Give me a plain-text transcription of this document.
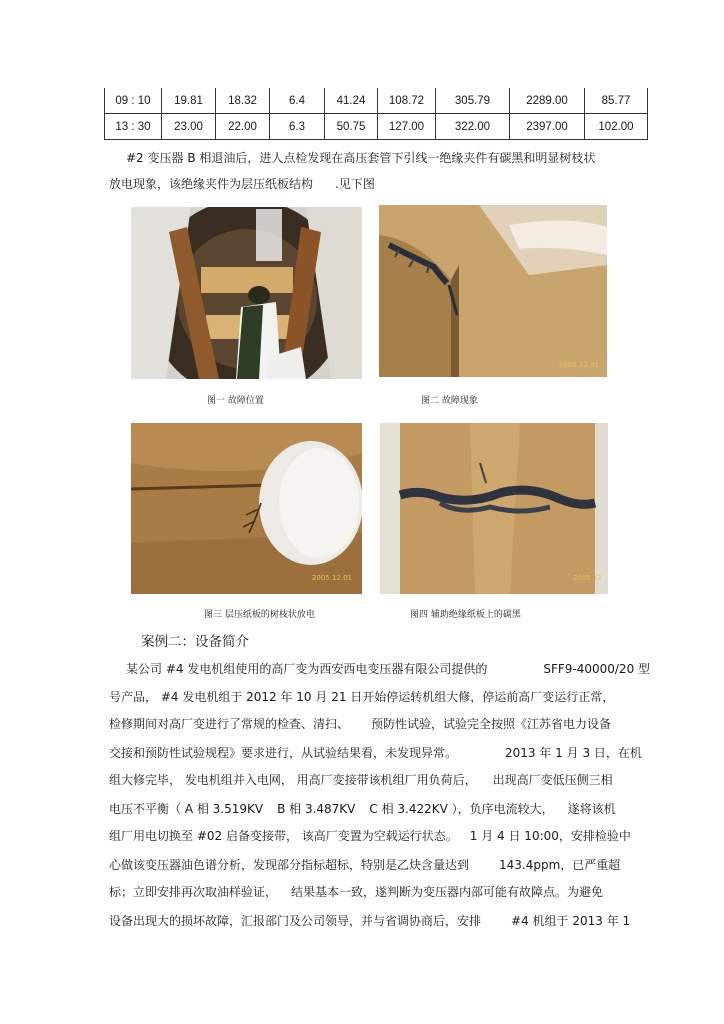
09 : 10	19.81	18.32	6.4	41.24	108.72	305.79	2289.00	85.77
13 : 30	23.00	22.00	6.3	50.75	127.00	322.00	2397.00	102.00
#2 变压器 B 相退油后，进人点检发现在高压套管下引线一绝缘夹件有碳黑和明显树枝状
放电现象，该绝缘夹件为层压纸板结构 .见下图
2005.12.01
图一 故障位置	图二 故障现象
2005.12.01	2005.12
图三 层压纸板的树枝状放电	图四 辅助绝缘纸板上的碳黑
案例二：设备简介
某公司 #4 发电机组使用的高厂变为西安西电变压器有限公司提供的	SFF9-40000/20 型
号产品， #4 发电机组于 2012 年 10 月 21 日开始停运转机组大修，停运前高厂变运行正常，
检修期间对高厂变进行了常规的检查、清扫、 预防性试验，试验完全按照《江苏省电力设备
交接和预防性试验规程》要求进行，从试验结果看，未发现异常。	2013 年 1 月 3 日，在机
组大修完毕， 发电机组并入电网， 用高厂变接带该机组厂用负荷后， 出现高厂变低压侧三相
电压不平衡（ A 相 3.519KV B 相 3.487KV C 相 3.422KV ），负序电流较大， 遂将该机
组厂用电切换至 #02 启备变接带， 该高厂变置为空载运行状态。 1 月 4 日 10:00，安排检验中
心做该变压器油色谱分析，发现部分指标超标，特别是乙炔含量达到	143.4ppm，已严重超
标；立即安排再次取油样验证， 结果基本一致，遂判断为变压器内部可能有故障点。为避免
设备出现大的损坏故障，汇报部门及公司领导，并与省调协商后，安排	#4 机组于 2013 年 1
